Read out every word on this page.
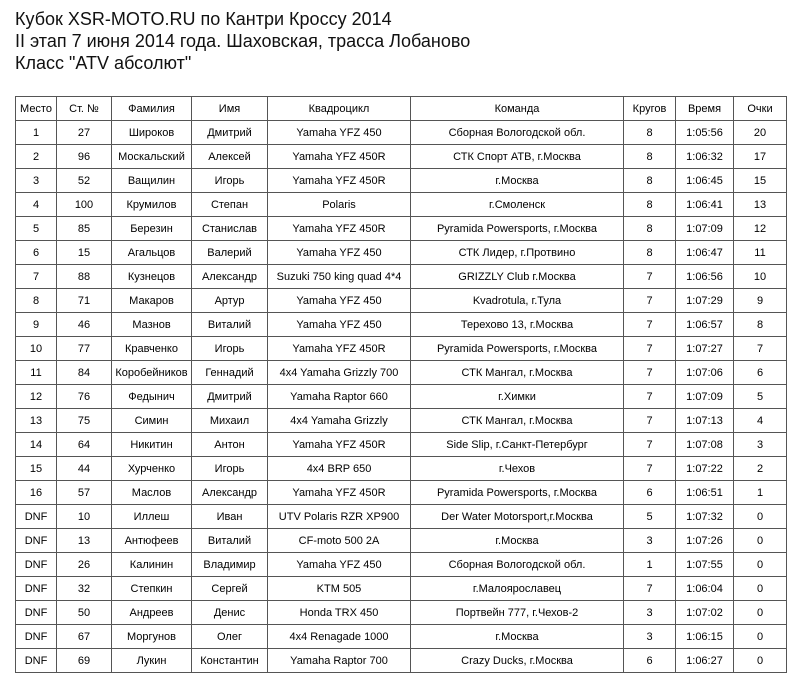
Кубок XSR-MOTO.RU по Кантри Кроссу 2014
II этап 7 июня 2014 года. Шаховская, трасса Лобаново
Класс "ATV абсолют"
Место	Ст. №	Фамилия	Имя	Квадроцикл	Команда	Кругов	Время	Очки
1	27	Широков	Дмитрий	Yamaha YFZ 450	Сборная Вологодской обл.	8	1:05:56	20
2	96	Москальский	Алексей	Yamaha YFZ 450R	СТК Спорт АТВ, г.Москва	8	1:06:32	17
3	52	Ващилин	Игорь	Yamaha YFZ 450R	г.Москва	8	1:06:45	15
4	100	Крумилов	Степан	Polaris	г.Смоленск	8	1:06:41	13
5	85	Березин	Станислав	Yamaha YFZ 450R	Pyramida Powersports, г.Москва	8	1:07:09	12
6	15	Агальцов	Валерий	Yamaha YFZ 450	СТК Лидер, г.Протвино	8	1:06:47	11
7	88	Кузнецов	Александр	Suzuki 750 king quad 4*4	GRIZZLY Club г.Москва	7	1:06:56	10
8	71	Макаров	Артур	Yamaha YFZ 450	Kvadrotula, г.Тула	7	1:07:29	9
9	46	Мазнов	Виталий	Yamaha YFZ 450	Терехово 13, г.Москва	7	1:06:57	8
10	77	Кравченко	Игорь	Yamaha YFZ 450R	Pyramida Powersports, г.Москва	7	1:07:27	7
11	84	Коробейников	Геннадий	4x4 Yamaha Grizzly 700	СТК Мангал, г.Москва	7	1:07:06	6
12	76	Федынич	Дмитрий	Yamaha Raptor 660	г.Химки	7	1:07:09	5
13	75	Симин	Михаил	4x4 Yamaha Grizzly	СТК Мангал, г.Москва	7	1:07:13	4
14	64	Никитин	Антон	Yamaha YFZ 450R	Side Slip, г.Санкт-Петербург	7	1:07:08	3
15	44	Хурченко	Игорь	4x4 BRP 650	г.Чехов	7	1:07:22	2
16	57	Маслов	Александр	Yamaha YFZ 450R	Pyramida Powersports, г.Москва	6	1:06:51	1
DNF	10	Иллеш	Иван	UTV Polaris RZR XP900	Der Water Motorsport,г.Москва	5	1:07:32	0
DNF	13	Антюфеев	Виталий	CF-moto 500 2A	г.Москва	3	1:07:26	0
DNF	26	Калинин	Владимир	Yamaha YFZ 450	Сборная Вологодской обл.	1	1:07:55	0
DNF	32	Степкин	Сергей	KTM 505	г.Малоярославец	7	1:06:04	0
DNF	50	Андреев	Денис	Honda TRX 450	Портвейн 777, г.Чехов-2	3	1:07:02	0
DNF	67	Моргунов	Олег	4x4 Renagade 1000	г.Москва	3	1:06:15	0
DNF	69	Лукин	Константин	Yamaha Raptor 700	Crazy Ducks, г.Москва	6	1:06:27	0
